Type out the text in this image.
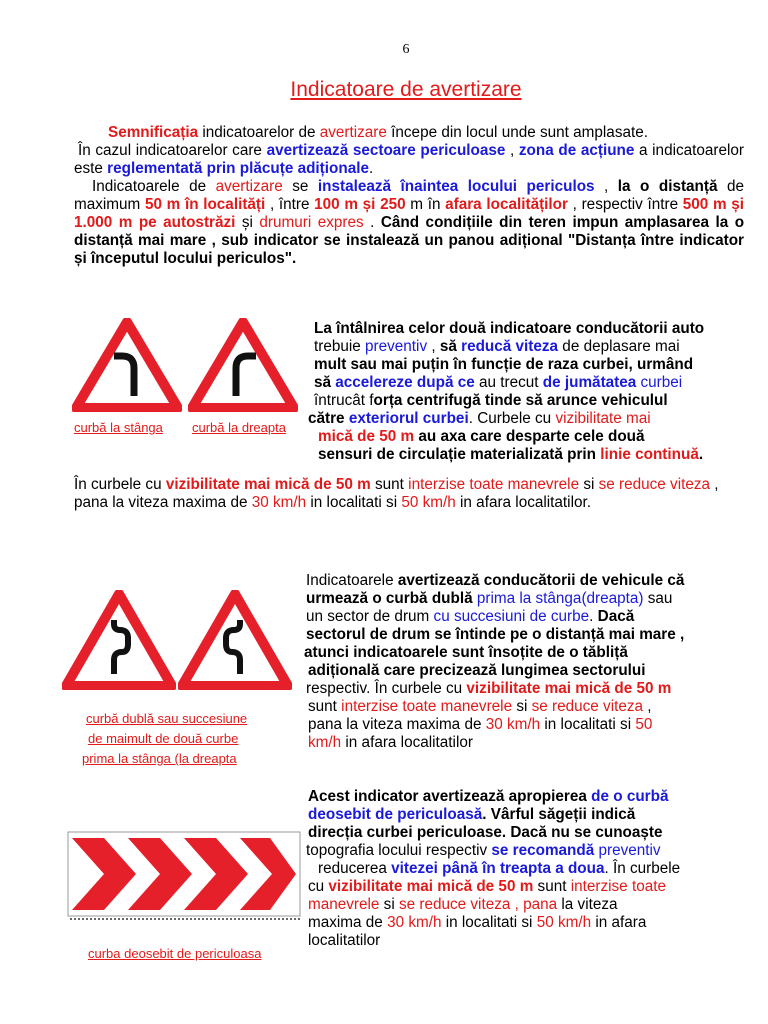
6
Indicatoare de avertizare

Semnificația indicatoarelor de avertizare începe din locul unde sunt amplasate.

În cazul indicatoarelor care avertizează sectoare periculoase , zona de acțiune a indicatoarelor este reglementată prin plăcuțe adiționale.

Indicatoarele de avertizare se instalează înaintea locului periculos , la o distanță de maximum 50 m în localități , între 100 m și 250 m în afara localităților , respectiv între 500 m și 1.000 m pe autostrăzi și drumuri expres . Când condițiile din teren impun amplasarea la o distanță mai mare , sub indicator se instalează un panou adițional "Distanța între indicator și începutul locului periculos".

curbă la stânga curbă la dreapta
La întâlnirea celor două indicatoare conducătorii auto
trebuie preventiv , să reducă viteza de deplasare mai
mult sau mai puțin în funcție de raza curbei, urmând
să accelereze după ce au trecut de jumătatea curbei
întrucât forța centrifugă tinde să arunce vehiculul
către exteriorul curbei. Curbele cu vizibilitate mai
mică de 50 m au axa care desparte cele două
sensuri de circulație materializată prin linie continuă.

În curbele cu vizibilitate mai mică de 50 m sunt interzise toate manevrele si se reduce viteza , pana la viteza maxima de 30 km/h in localitati si 50 km/h in afara localitatilor.

curbă dublă sau succesiune
de maimult de două curbe
prima la stânga (la dreapta
Indicatoarele avertizează conducătorii de vehicule că
urmează o curbă dublă prima la stânga(dreapta) sau
un sector de drum cu succesiuni de curbe. Dacă
sectorul de drum se întinde pe o distanță mai mare ,
atunci indicatoarele sunt însoțite de o tăbliță
adițională care precizează lungimea sectorului
respectiv. În curbele cu vizibilitate mai mică de 50 m
sunt interzise toate manevrele si se reduce viteza ,
pana la viteza maxima de 30 km/h in localitati si 50
km/h in afara localitatilor
curba deosebit de periculoasa
Acest indicator avertizează apropierea de o curbă
deosebit de periculoasă. Vârful săgeții indică
direcția curbei periculoase. Dacă nu se cunoaște
topografia locului respectiv se recomandă preventiv
reducerea vitezei până în treapta a doua. În curbele
cu vizibilitate mai mică de 50 m sunt interzise toate
manevrele si se reduce viteza , pana la viteza
maxima de 30 km/h in localitati si 50 km/h in afara
localitatilor
